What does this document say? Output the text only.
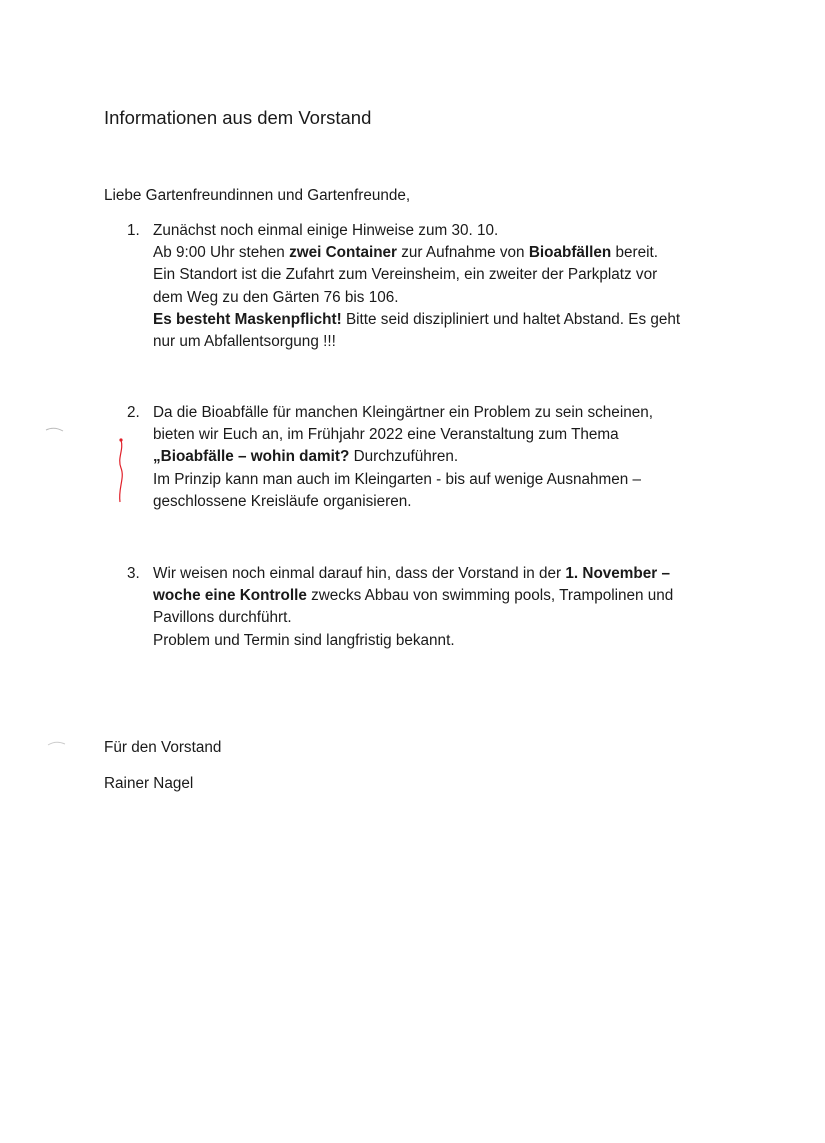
Informationen aus dem Vorstand
Liebe Gartenfreundinnen und Gartenfreunde,
1. Zunächst noch einmal einige Hinweise zum 30. 10.
Ab 9:00 Uhr stehen zwei Container zur Aufnahme von Bioabfällen bereit.
Ein Standort ist die Zufahrt zum Vereinsheim, ein zweiter der Parkplatz vor
dem Weg zu den Gärten 76 bis 106.
Es besteht Maskenpflicht! Bitte seid diszipliniert und haltet Abstand. Es geht
nur um Abfallentsorgung !!!
2. Da die Bioabfälle für manchen Kleingärtner ein Problem zu sein scheinen,
bieten wir Euch an, im Frühjahr 2022 eine Veranstaltung zum Thema
„Bioabfälle – wohin damit? Durchzuführen.
Im Prinzip kann man auch im Kleingarten - bis auf wenige Ausnahmen –
geschlossene Kreisläufe organisieren.
3. Wir weisen noch einmal darauf hin, dass der Vorstand in der 1. November –
woche eine Kontrolle zwecks Abbau von swimming pools, Trampolinen und
Pavillons durchführt.
Problem und Termin sind langfristig bekannt.
Für den Vorstand
Rainer Nagel
